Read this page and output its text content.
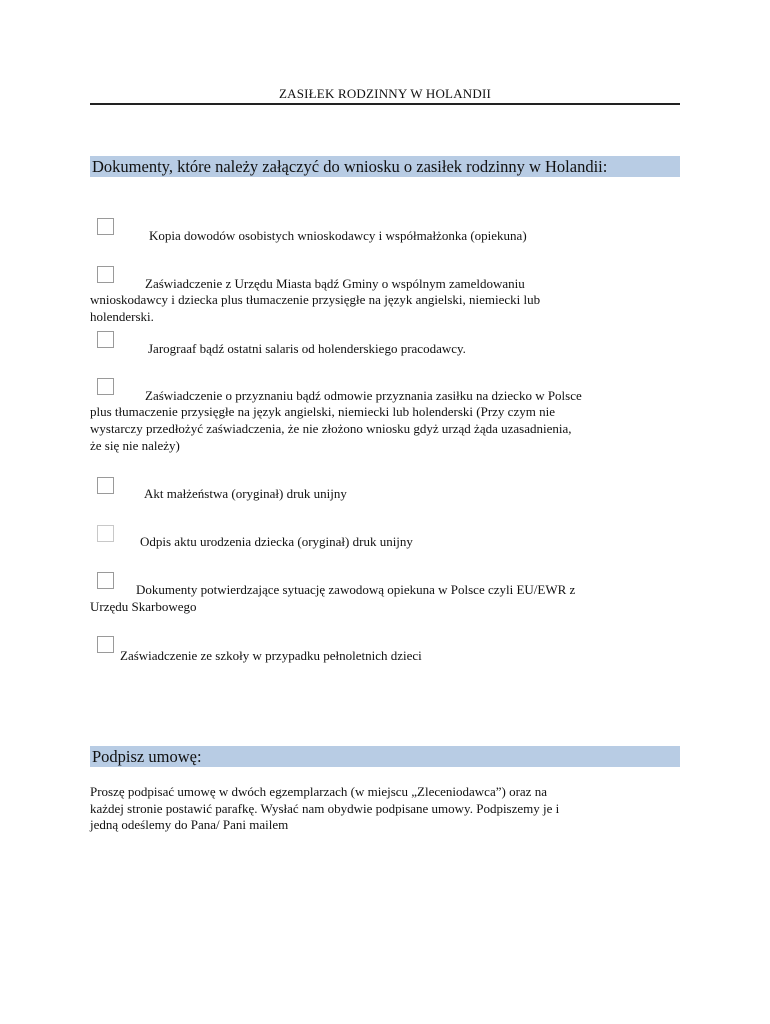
ZASIŁEK RODZINNY W HOLANDII
Dokumenty, które należy załączyć do wniosku o zasiłek rodzinny w Holandii:
Kopia dowodów osobistych wnioskodawcy i współmałżonka (opiekuna)
Zaświadczenie z Urzędu Miasta bądź Gminy o wspólnym zameldowaniu
wnioskodawcy i dziecka plus tłumaczenie przysięgłe na język angielski, niemiecki lub
holenderski.
Jarograaf bądź ostatni salaris od holenderskiego pracodawcy.
Zaświadczenie o przyznaniu bądź odmowie przyznania zasiłku na dziecko w Polsce
plus tłumaczenie przysięgłe na język angielski, niemiecki lub holenderski (Przy czym nie
wystarczy przedłożyć zaświadczenia, że nie złożono wniosku gdyż urząd żąda uzasadnienia,
że się nie należy)
Akt małżeństwa (oryginał) druk unijny
Odpis aktu urodzenia dziecka (oryginał) druk unijny
Dokumenty potwierdzające sytuację zawodową opiekuna w Polsce czyli EU/EWR z
Urzędu Skarbowego
Zaświadczenie ze szkoły w przypadku pełnoletnich dzieci
Podpisz umowę:
Proszę podpisać umowę w dwóch egzemplarzach (w miejscu „Zleceniodawca”) oraz na
każdej stronie postawić parafkę. Wysłać nam obydwie podpisane umowy. Podpiszemy je i
jedną odeślemy do Pana/ Pani mailem
